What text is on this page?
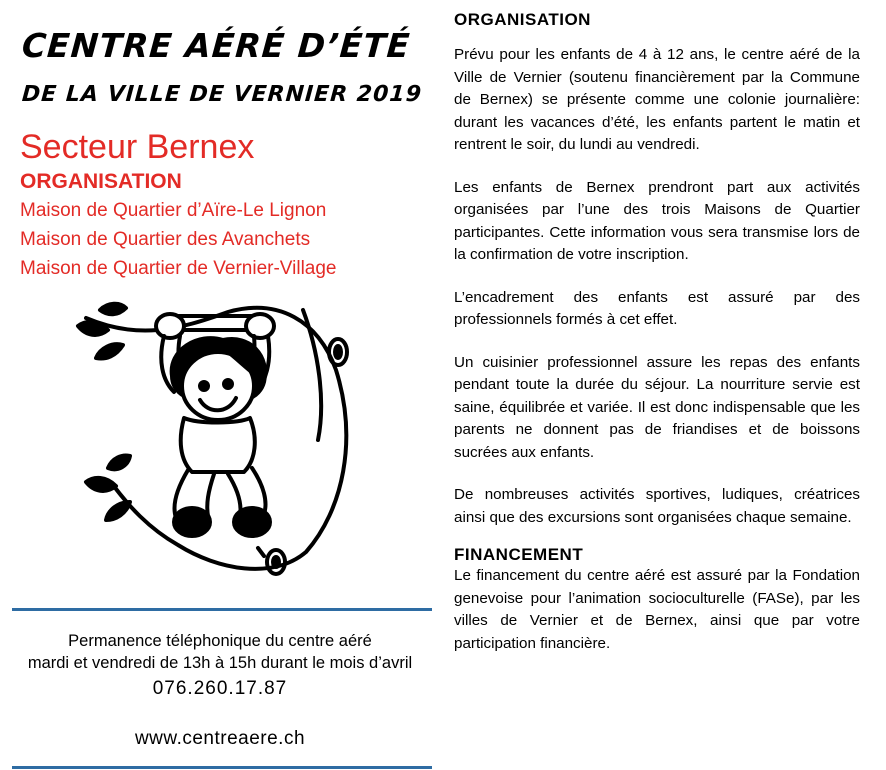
CENTRE AÉRÉ D’ÉTÉ
DE LA VILLE DE VERNIER 2019
Secteur Bernex
ORGANISATION
Maison de Quartier d’Aïre-Le Lignon
Maison de Quartier des Avanchets
Maison de Quartier de Vernier-Village
Permanence téléphonique du centre aéré
mardi et vendredi de 13h à 15h durant le mois d’avril
076.260.17.87
www.centreaere.ch
ORGANISATION

Prévu pour les enfants de 4 à 12 ans, le centre aéré de la Ville de Vernier (soutenu financièrement par la Commune de Bernex) se présente comme une colonie journalière: durant les vacances d’été, les enfants partent le matin et rentrent le soir, du lundi au vendredi.

Les enfants de Bernex prendront part aux activités organisées par l’une des trois Maisons de Quartier participantes. Cette information vous sera transmise lors de la confirmation de votre inscription.

L’encadrement des enfants est assuré par des professionnels formés à cet effet.

Un cuisinier professionnel assure les repas des enfants pendant toute la durée du séjour. La nourriture servie est saine, équilibrée et variée. Il est donc indispensable que les parents ne donnent pas de friandises et de boissons sucrées aux enfants.

De nombreuses activités sportives, ludiques, créatrices ainsi que des excursions sont organisées chaque semaine.

FINANCEMENT

Le financement du centre aéré est assuré par la Fondation genevoise pour l’animation socioculturelle (FASe), par les villes de Vernier et de Bernex, ainsi que par votre participation financière.
